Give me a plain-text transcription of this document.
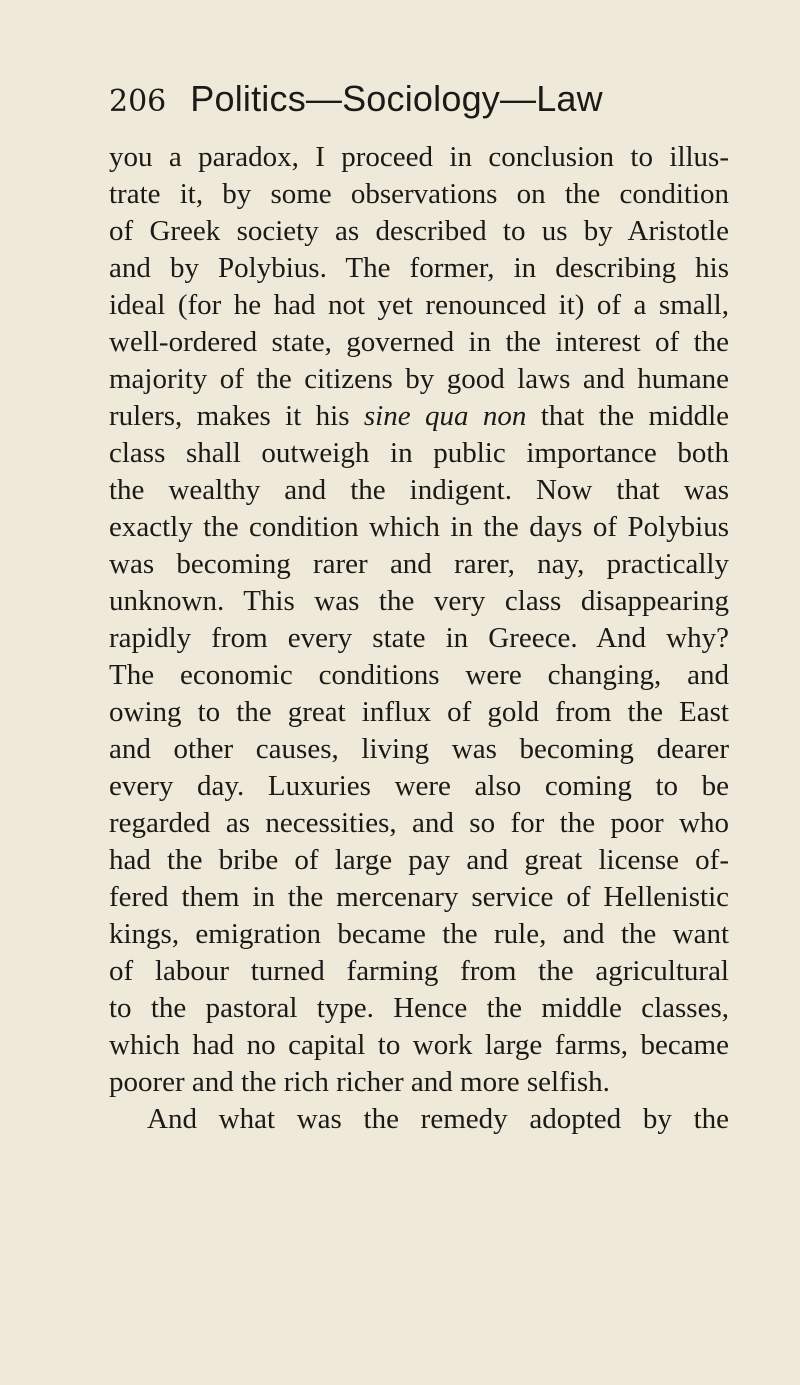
206 Politics—Sociology—Law
you a paradox, I proceed in conclusion to illus-
trate it, by some observations on the condition
of Greek society as described to us by Aristotle
and by Polybius. The former, in describing his
ideal (for he had not yet renounced it) of a small,
well-ordered state, governed in the interest of the
majority of the citizens by good laws and humane
rulers, makes it his sine qua non that the middle
class shall outweigh in public importance both
the wealthy and the indigent. Now that was
exactly the condition which in the days of Polybius
was becoming rarer and rarer, nay, practically
unknown. This was the very class disappearing
rapidly from every state in Greece. And why?
The economic conditions were changing, and
owing to the great influx of gold from the East
and other causes, living was becoming dearer
every day. Luxuries were also coming to be
regarded as necessities, and so for the poor who
had the bribe of large pay and great license of-
fered them in the mercenary service of Hellenistic
kings, emigration became the rule, and the want
of labour turned farming from the agricultural
to the pastoral type. Hence the middle classes,
which had no capital to work large farms, became
poorer and the rich richer and more selfish.
And what was the remedy adopted by the
